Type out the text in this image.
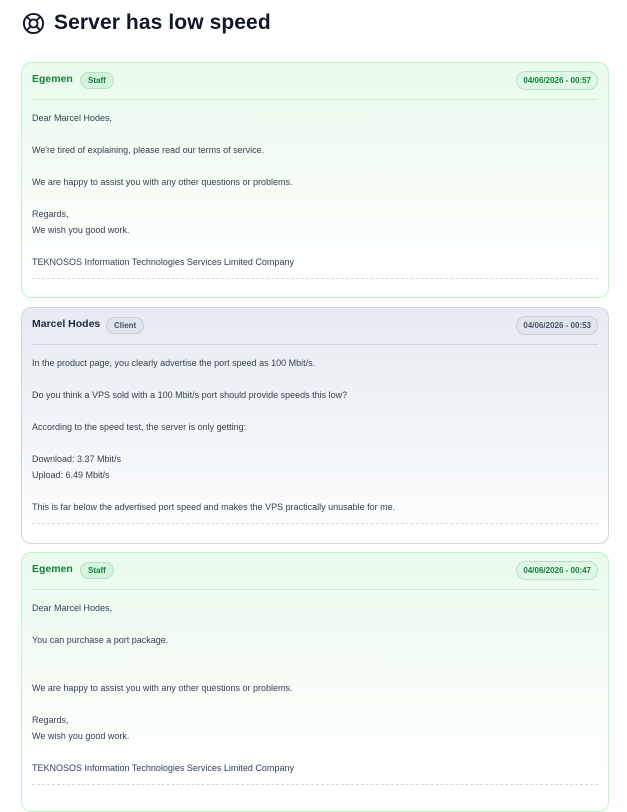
Server has low speed
Egemen	Staff	04/06/2026 - 00:57
Dear Marcel Hodes,
We're tired of explaining, please read our terms of service.
We are happy to assist you with any other questions or problems.
Regards,
We wish you good work.
TEKNOSOS Information Technologies Services Limited Company
Marcel Hodes	Client	04/06/2026 - 00:53
In the product page, you clearly advertise the port speed as 100 Mbit/s.
Do you think a VPS sold with a 100 Mbit/s port should provide speeds this low?
According to the speed test, the server is only getting:
Download: 3.37 Mbit/s
Upload: 6.49 Mbit/s
This is far below the advertised port speed and makes the VPS practically unusable for me.
Egemen	Staff	04/06/2026 - 00:47
Dear Marcel Hodes,
You can purchase a port package.
We are happy to assist you with any other questions or problems.
Regards,
We wish you good work.
TEKNOSOS Information Technologies Services Limited Company
